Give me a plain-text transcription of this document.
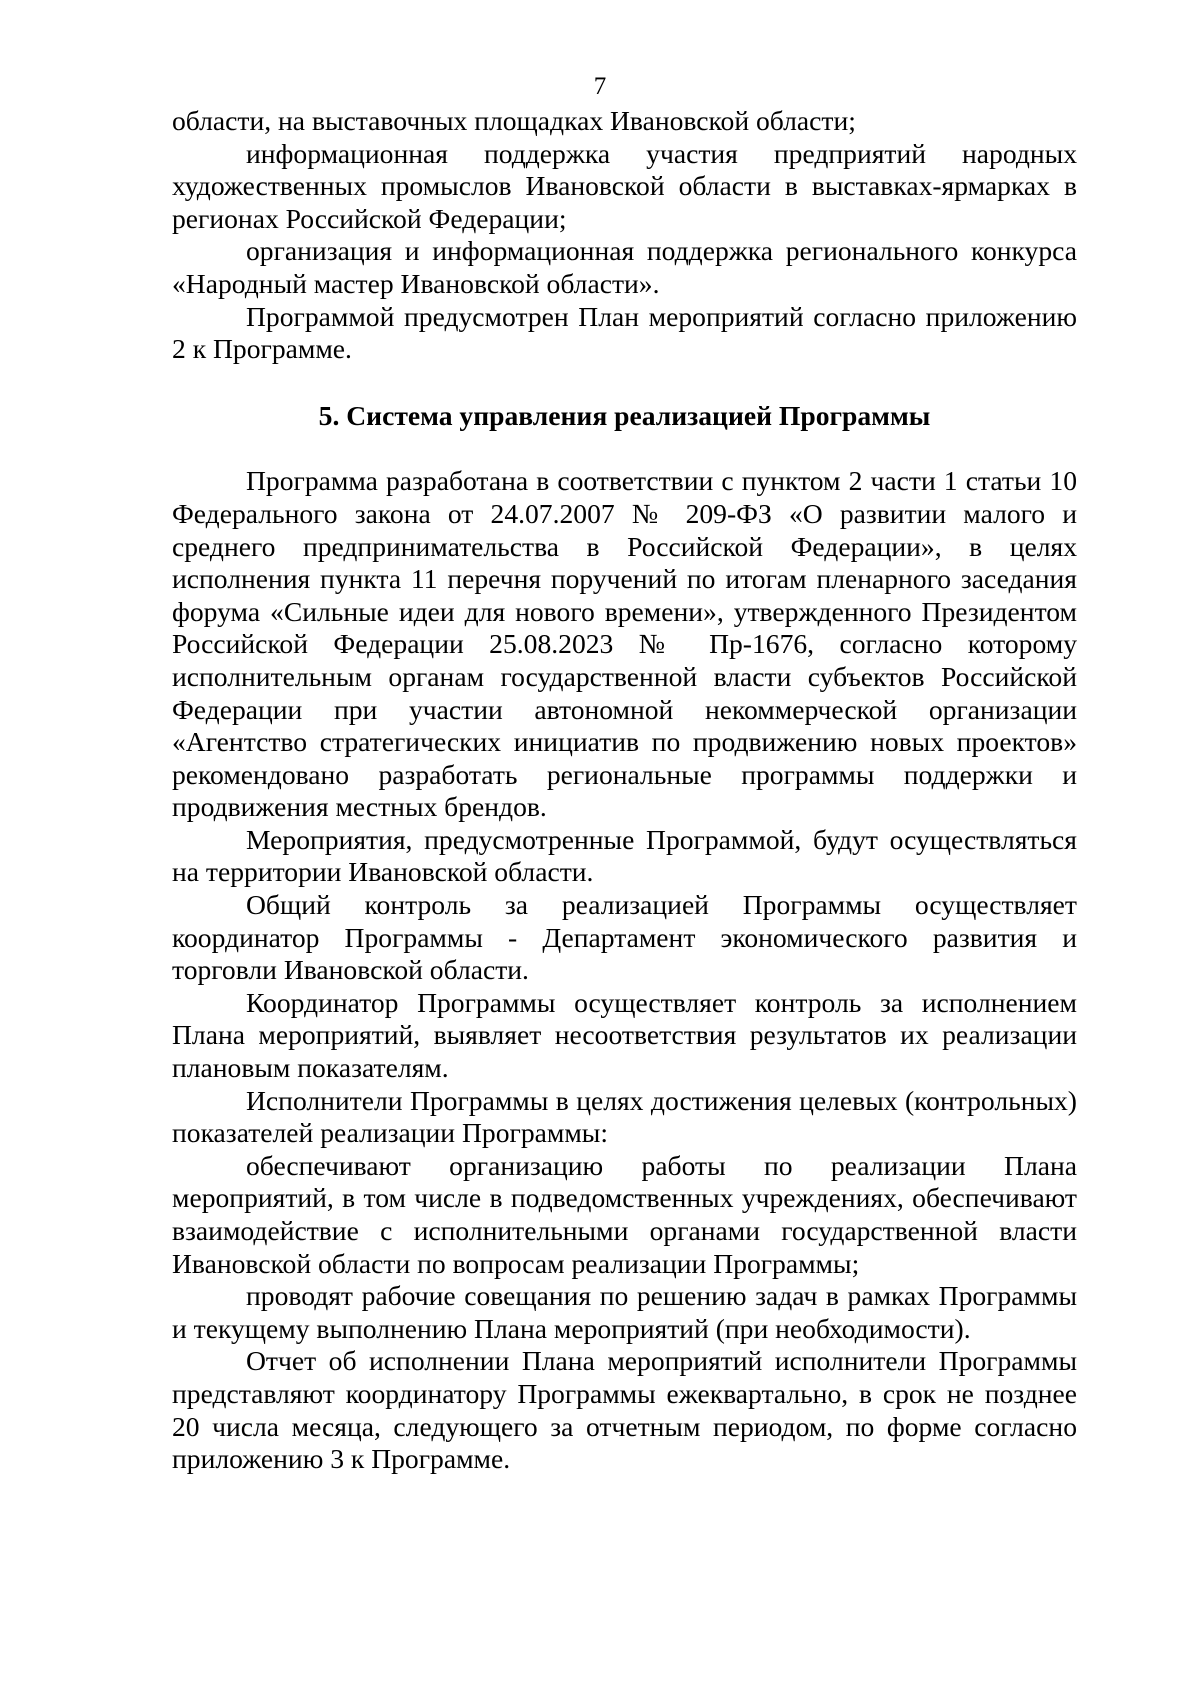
7

области, на выставочных площадках Ивановской области;

информационная поддержка участия предприятий народных художественных промыслов Ивановской области в выставках-ярмарках в регионах Российской Федерации;

организация и информационная поддержка регионального конкурса «Народный мастер Ивановской области».

Программой предусмотрен План мероприятий согласно приложению 2 к Программе.

5. Система управления реализацией Программы

Программа разработана в соответствии с пунктом 2 части 1 статьи 10 Федерального закона от 24.07.2007 № 209-ФЗ «О развитии малого и среднего предпринимательства в Российской Федерации», в целях исполнения пункта 11 перечня поручений по итогам пленарного заседания форума «Сильные идеи для нового времени», утвержденного Президентом Российской Федерации 25.08.2023 № Пр-1676, согласно которому исполнительным органам государственной власти субъектов Российской Федерации при участии автономной некоммерческой организации «Агентство стратегических инициатив по продвижению новых проектов» рекомендовано разработать региональные программы поддержки и продвижения местных брендов.

Мероприятия, предусмотренные Программой, будут осуществляться на территории Ивановской области.

Общий контроль за реализацией Программы осуществляет координатор Программы - Департамент экономического развития и торговли Ивановской области.

Координатор Программы осуществляет контроль за исполнением Плана мероприятий, выявляет несоответствия результатов их реализации плановым показателям.

Исполнители Программы в целях достижения целевых (контрольных) показателей реализации Программы:

обеспечивают организацию работы по реализации Плана мероприятий, в том числе в подведомственных учреждениях, обеспечивают взаимодействие с исполнительными органами государственной власти Ивановской области по вопросам реализации Программы;

проводят рабочие совещания по решению задач в рамках Программы и текущему выполнению Плана мероприятий (при необходимости).

Отчет об исполнении Плана мероприятий исполнители Программы представляют координатору Программы ежеквартально, в срок не позднее 20 числа месяца, следующего за отчетным периодом, по форме согласно приложению 3 к Программе.
